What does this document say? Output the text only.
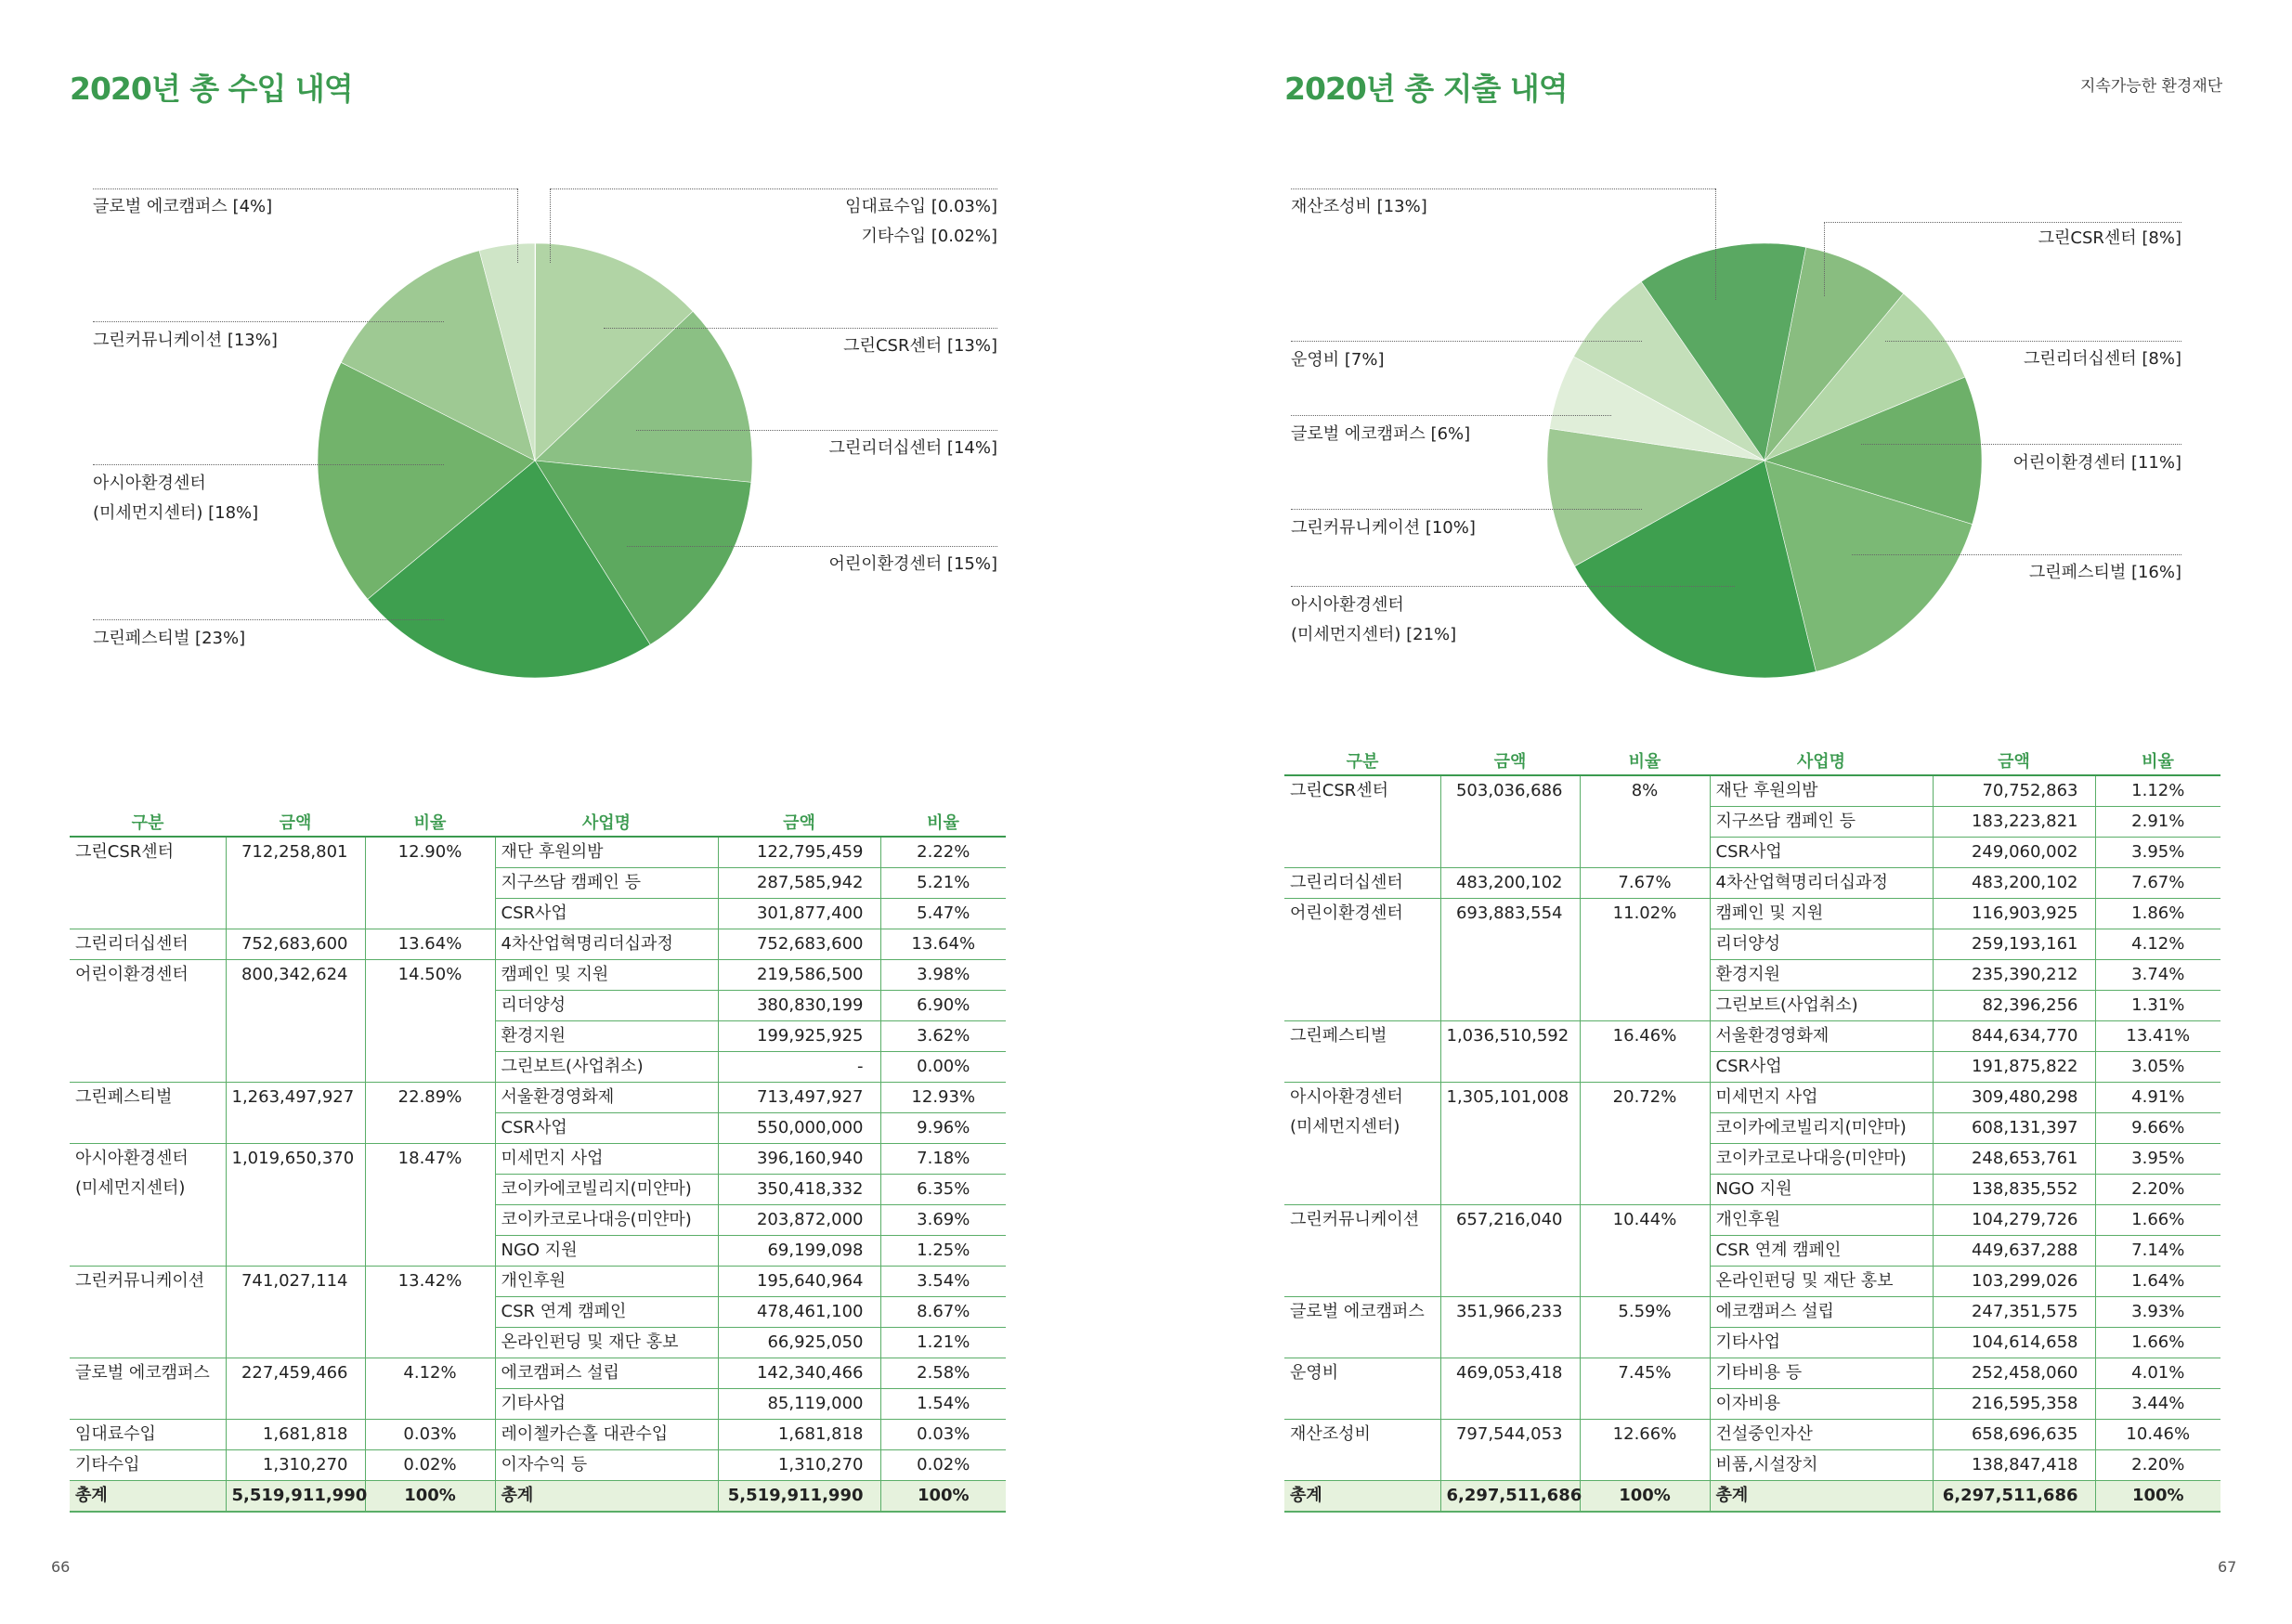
2020년 총 수입 내역
글로벌 에코캠퍼스 [4%]
그린커뮤니케이션 [13%]
아시아환경센터
(미세먼지센터) [18%]
그린페스티벌 [23%]
임대료수입 [0.03%]
기타수입 [0.02%]
그린CSR센터 [13%]
그린리더십센터 [14%]
어린이환경센터 [15%]
구분	금액	비율	사업명	금액	비율

그린CSR센터	712,258,801	12.90%	재단 후원의밤	122,795,459	2.22%
			지구쓰담 캠페인 등	287,585,942	5.21%
			CSR사업	301,877,400	5.47%

그린리더십센터	752,683,600	13.64%	4차산업혁명리더십과정	752,683,600	13.64%

어린이환경센터	800,342,624	14.50%	캠페인 및 지원	219,586,500	3.98%
			리더양성	380,830,199	6.90%
			환경지원	199,925,925	3.62%
			그린보트(사업취소)	-	0.00%

그린페스티벌	1,263,497,927	22.89%	서울환경영화제	713,497,927	12.93%
			CSR사업	550,000,000	9.96%

아시아환경센터
(미세먼지센터)	1,019,650,370	18.47%	미세먼지 사업	396,160,940	7.18%
			코이카에코빌리지(미얀마)	350,418,332	6.35%
			코이카코로나대응(미얀마)	203,872,000	3.69%
			NGO 지원	69,199,098	1.25%

그린커뮤니케이션	741,027,114	13.42%	개인후원	195,640,964	3.54%
			CSR 연계 캠페인	478,461,100	8.67%
			온라인펀딩 및 재단 홍보	66,925,050	1.21%

글로벌 에코캠퍼스	227,459,466	4.12%	에코캠퍼스 설립	142,340,466	2.58%
			기타사업	85,119,000	1.54%

임대료수입	1,681,818	0.03%	레이첼카슨홀 대관수입	1,681,818	0.03%

기타수입	1,310,270	0.02%	이자수익 등	1,310,270	0.02%
총계	5,519,911,990	100%	총계	5,519,911,990	100%
66
2020년 총 지출 내역	지속가능한 환경재단
재산조성비 [13%]
운영비 [7%]
글로벌 에코캠퍼스 [6%]
그린커뮤니케이션 [10%]
아시아환경센터
(미세먼지센터) [21%]
그린CSR센터 [8%]
그린리더십센터 [8%]
어린이환경센터 [11%]
그린페스티벌 [16%]
구분	금액	비율	사업명	금액	비율

그린CSR센터	503,036,686	8%	재단 후원의밤	70,752,863	1.12%
			지구쓰담 캠페인 등	183,223,821	2.91%
			CSR사업	249,060,002	3.95%

그린리더십센터	483,200,102	7.67%	4차산업혁명리더십과정	483,200,102	7.67%

어린이환경센터	693,883,554	11.02%	캠페인 및 지원	116,903,925	1.86%
			리더양성	259,193,161	4.12%
			환경지원	235,390,212	3.74%
			그린보트(사업취소)	82,396,256	1.31%

그린페스티벌	1,036,510,592	16.46%	서울환경영화제	844,634,770	13.41%
			CSR사업	191,875,822	3.05%

아시아환경센터
(미세먼지센터)	1,305,101,008	20.72%	미세먼지 사업	309,480,298	4.91%
			코이카에코빌리지(미얀마)	608,131,397	9.66%
			코이카코로나대응(미얀마)	248,653,761	3.95%
			NGO 지원	138,835,552	2.20%

그린커뮤니케이션	657,216,040	10.44%	개인후원	104,279,726	1.66%
			CSR 연계 캠페인	449,637,288	7.14%
			온라인펀딩 및 재단 홍보	103,299,026	1.64%

글로벌 에코캠퍼스	351,966,233	5.59%	에코캠퍼스 설립	247,351,575	3.93%
			기타사업	104,614,658	1.66%

운영비	469,053,418	7.45%	기타비용 등	252,458,060	4.01%
			이자비용	216,595,358	3.44%

재산조성비	797,544,053	12.66%	건설중인자산	658,696,635	10.46%
			비품,시설장치	138,847,418	2.20%
총계	6,297,511,686	100%	총계	6,297,511,686	100%
67
